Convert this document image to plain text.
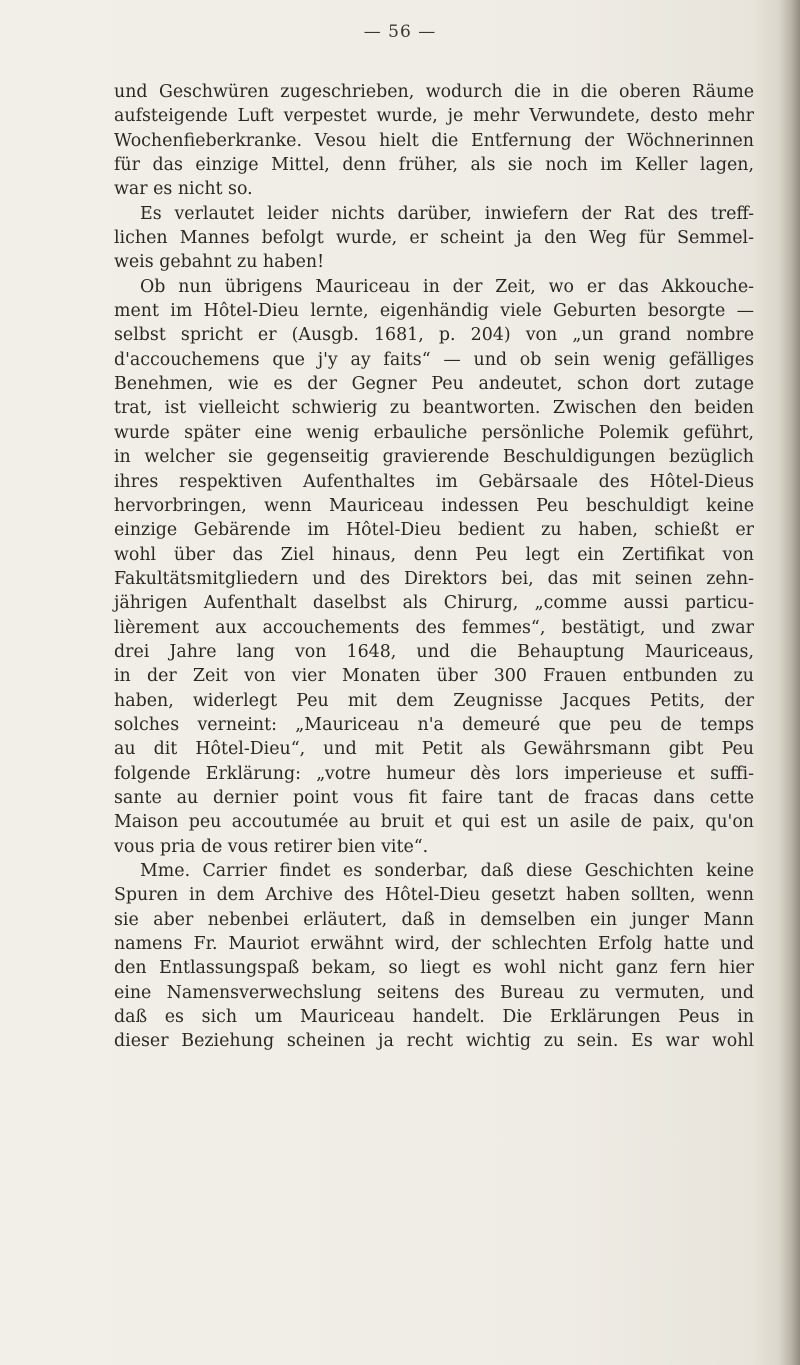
— 56 —
und Geschwüren zugeschrieben, wodurch die in die oberen Räume
aufsteigende Luft verpestet wurde, je mehr Verwundete, desto mehr
Wochenfieberkranke. Vesou hielt die Entfernung der Wöchnerinnen
für das einzige Mittel, denn früher, als sie noch im Keller lagen,
war es nicht so.
Es verlautet leider nichts darüber, inwiefern der Rat des treff-
lichen Mannes befolgt wurde, er scheint ja den Weg für Semmel-
weis gebahnt zu haben!
Ob nun übrigens Mauriceau in der Zeit, wo er das Akkouche-
ment im Hôtel-Dieu lernte, eigenhändig viele Geburten besorgte —
selbst spricht er (Ausgb. 1681, p. 204) von „un grand nombre
d'accouchemens que j'y ay faits“ — und ob sein wenig gefälliges
Benehmen, wie es der Gegner Peu andeutet, schon dort zutage
trat, ist vielleicht schwierig zu beantworten. Zwischen den beiden
wurde später eine wenig erbauliche persönliche Polemik geführt,
in welcher sie gegenseitig gravierende Beschuldigungen bezüglich
ihres respektiven Aufenthaltes im Gebärsaale des Hôtel-Dieus
hervorbringen, wenn Mauriceau indessen Peu beschuldigt keine
einzige Gebärende im Hôtel-Dieu bedient zu haben, schießt er
wohl über das Ziel hinaus, denn Peu legt ein Zertifikat von
Fakultätsmitgliedern und des Direktors bei, das mit seinen zehn-
jährigen Aufenthalt daselbst als Chirurg, „comme aussi particu-
lièrement aux accouchements des femmes“, bestätigt, und zwar
drei Jahre lang von 1648, und die Behauptung Mauriceaus,
in der Zeit von vier Monaten über 300 Frauen entbunden zu
haben, widerlegt Peu mit dem Zeugnisse Jacques Petits, der
solches verneint: „Mauriceau n'a demeuré que peu de temps
au dit Hôtel-Dieu“, und mit Petit als Gewährsmann gibt Peu
folgende Erklärung: „votre humeur dès lors imperieuse et suffi-
sante au dernier point vous fit faire tant de fracas dans cette
Maison peu accoutumée au bruit et qui est un asile de paix, qu'on
vous pria de vous retirer bien vite“.
Mme. Carrier findet es sonderbar, daß diese Geschichten keine
Spuren in dem Archive des Hôtel-Dieu gesetzt haben sollten, wenn
sie aber nebenbei erläutert, daß in demselben ein junger Mann
namens Fr. Mauriot erwähnt wird, der schlechten Erfolg hatte und
den Entlassungspaß bekam, so liegt es wohl nicht ganz fern hier
eine Namensverwechslung seitens des Bureau zu vermuten, und
daß es sich um Mauriceau handelt. Die Erklärungen Peus in
dieser Beziehung scheinen ja recht wichtig zu sein. Es war wohl
